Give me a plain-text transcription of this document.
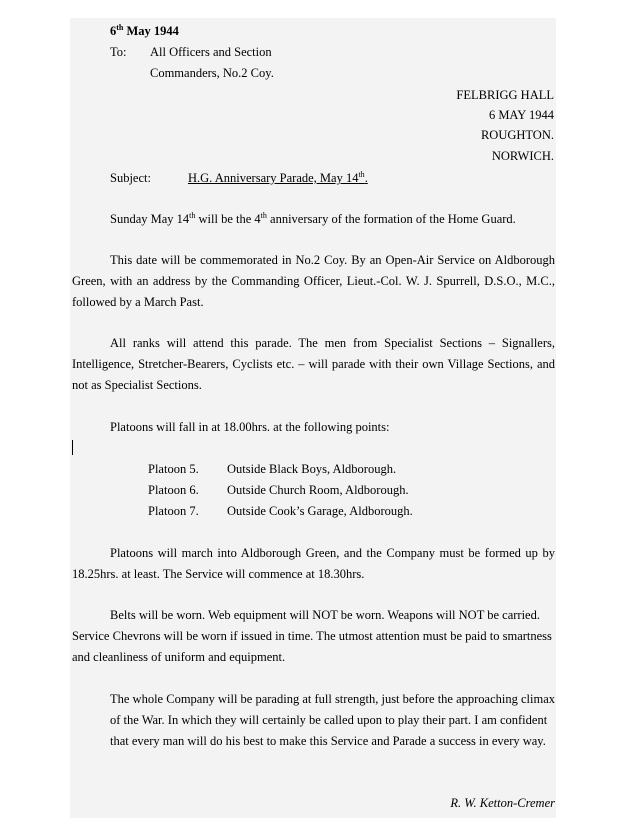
6th May 1944
To: All Officers and Section
Commanders, No.2 Coy.
FELBRIGG HALL
6 MAY 1944
ROUGHTON.
NORWICH.
Subject:	H.G. Anniversary Parade, May 14th.
Sunday May 14th will be the 4th anniversary of the formation of the Home Guard.
This date will be commemorated in No.2 Coy. By an Open-Air Service on Aldborough Green, with an address by the Commanding Officer, Lieut.-Col. W. J. Spurrell, D.S.O., M.C., followed by a March Past.
All ranks will attend this parade. The men from Specialist Sections – Signallers, Intelligence, Stretcher-Bearers, Cyclists etc. – will parade with their own Village Sections, and not as Specialist Sections.
Platoons will fall in at 18.00hrs. at the following points:
Platoon 5. Outside Black Boys, Aldborough.
Platoon 6. Outside Church Room, Aldborough.
Platoon 7. Outside Cook’s Garage, Aldborough.
Platoons will march into Aldborough Green, and the Company must be formed up by 18.25hrs. at least. The Service will commence at 18.30hrs.
Belts will be worn. Web equipment will NOT be worn. Weapons will NOT be carried. Service Chevrons will be worn if issued in time. The utmost attention must be paid to smartness and cleanliness of uniform and equipment.
The whole Company will be parading at full strength, just before the approaching climax of the War. In which they will certainly be called upon to play their part. I am confident that every man will do his best to make this Service and Parade a success in every way.
R. W. Ketton-Cremer
